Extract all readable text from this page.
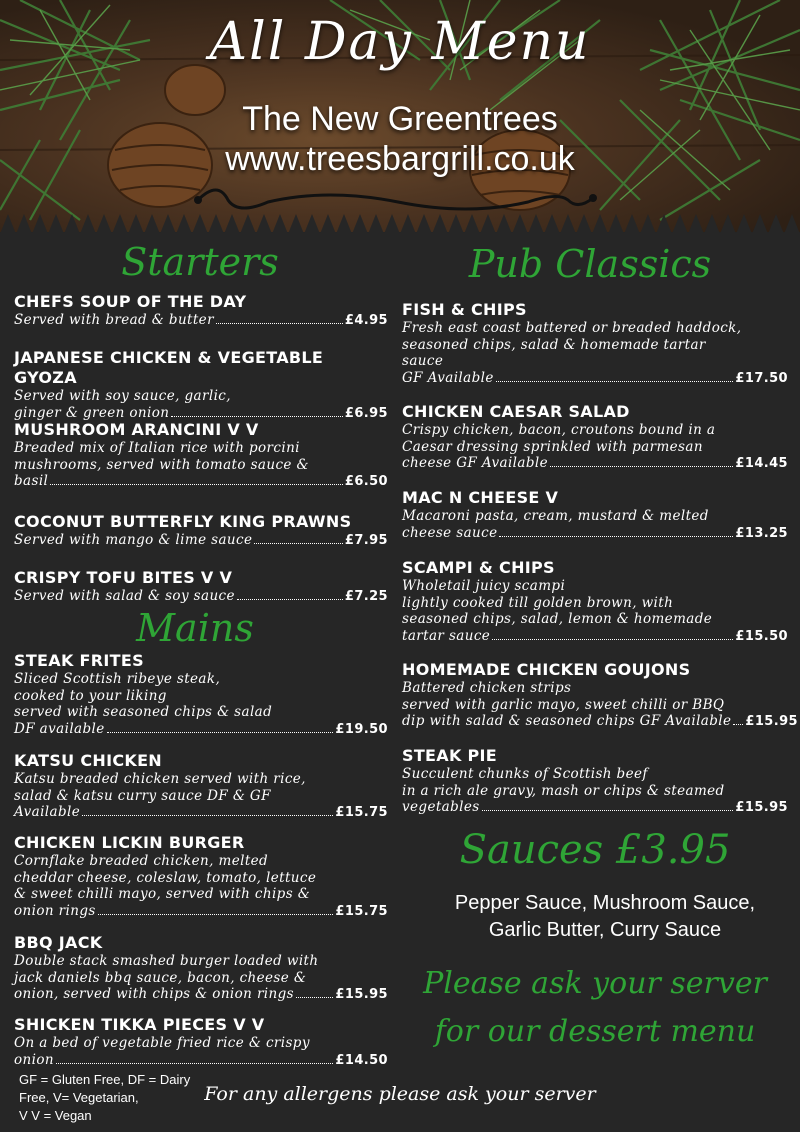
All Day Menu
The New Greentrees
www.treesbargrill.co.uk
Starters
Mains
Pub Classics
Sauces £3.95
CHEFS SOUP OF THE DAY
Served with bread & butter	£4.95
JAPANESE CHICKEN & VEGETABLE GYOZA
Served with soy sauce, garlic,
ginger & green onion	£6.95
MUSHROOM ARANCINI V V
Breaded mix of Italian rice with porcini
mushrooms, served with tomato sauce &
basil	£6.50
COCONUT BUTTERFLY KING PRAWNS
Served with mango & lime sauce	£7.95
CRISPY TOFU BITES V V
Served with salad & soy sauce	£7.25
STEAK FRITES
Sliced Scottish ribeye steak,
cooked to your liking
served with seasoned chips & salad
DF available	£19.50
KATSU CHICKEN
Katsu breaded chicken served with rice,
salad & katsu curry sauce DF & GF
Available	£15.75
CHICKEN LICKIN BURGER
Cornflake breaded chicken, melted
cheddar cheese, coleslaw, tomato, lettuce
& sweet chilli mayo, served with chips &
onion rings	£15.75
BBQ JACK
Double stack smashed burger loaded with
jack daniels bbq sauce, bacon, cheese &
onion, served with chips & onion rings	£15.95
SHICKEN TIKKA PIECES V V
On a bed of vegetable fried rice & crispy
onion	£14.50
FISH & CHIPS
Fresh east coast battered or breaded haddock,
seasoned chips, salad & homemade tartar
sauce
GF Available	£17.50
CHICKEN CAESAR SALAD
Crispy chicken, bacon, croutons bound in a
Caesar dressing sprinkled with parmesan
cheese GF Available	£14.45
MAC N CHEESE V
Macaroni pasta, cream, mustard & melted
cheese sauce	£13.25
SCAMPI & CHIPS
Wholetail juicy scampi
lightly cooked till golden brown, with
seasoned chips, salad, lemon & homemade
tartar sauce	£15.50
HOMEMADE CHICKEN GOUJONS
Battered chicken strips
served with garlic mayo, sweet chilli or BBQ
dip with salad & seasoned chips GF Available £15.95
STEAK PIE
Succulent chunks of Scottish beef
in a rich ale gravy, mash or chips & steamed
vegetables	£15.95
Pepper Sauce, Mushroom Sauce,
Garlic Butter, Curry Sauce
Please ask your server
for our dessert menu
GF = Gluten Free, DF = Dairy
Free, V= Vegetarian,
V V = Vegan
For any allergens please ask your server
